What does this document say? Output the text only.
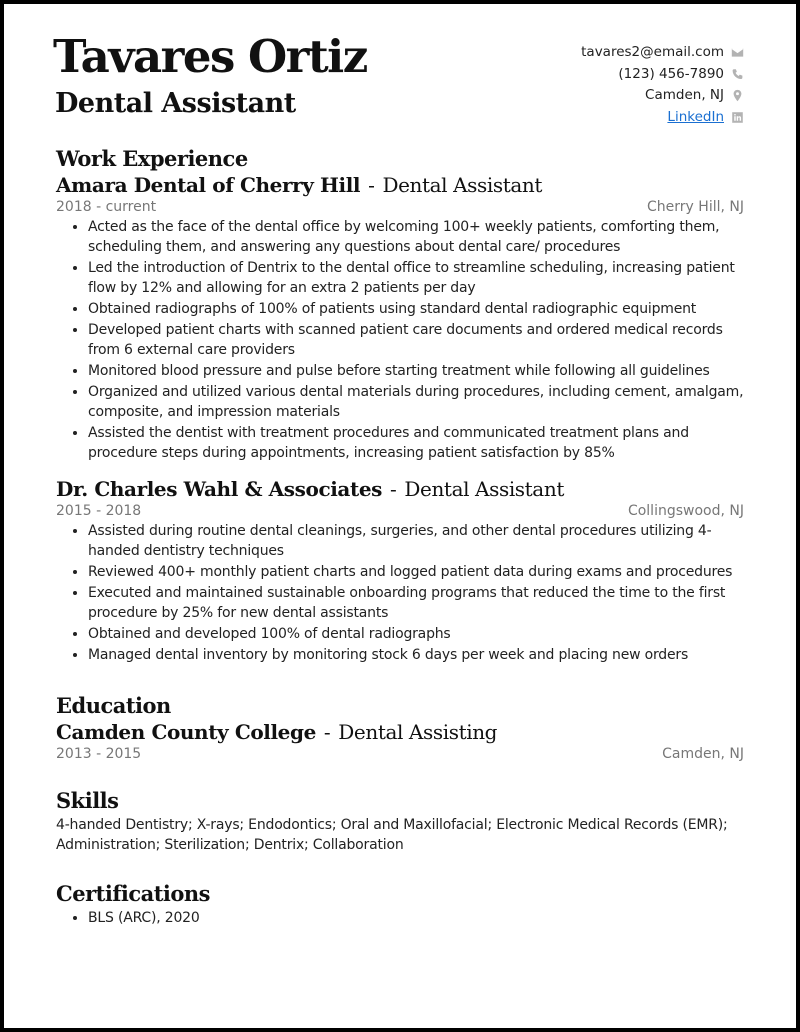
Tavares Ortiz
Dental Assistant
tavares2@email.com
(123) 456-7890
Camden, NJ
LinkedIn
Work Experience

Amara Dental of Cherry Hill - Dental Assistant

2018 - current	Cherry Hill, NJ
• Acted as the face of the dental office by welcoming 100+ weekly patients, comforting them, scheduling them, and answering any questions about dental care/ procedures
• Led the introduction of Dentrix to the dental office to streamline scheduling, increasing patient flow by 12% and allowing for an extra 2 patients per day
• Obtained radiographs of 100% of patients using standard dental radiographic equipment
• Developed patient charts with scanned patient care documents and ordered medical records from 6 external care providers
• Monitored blood pressure and pulse before starting treatment while following all guidelines
• Organized and utilized various dental materials during procedures, including cement, amalgam, composite, and impression materials
• Assisted the dentist with treatment procedures and communicated treatment plans and procedure steps during appointments, increasing patient satisfaction by 85%

Dr. Charles Wahl & Associates - Dental Assistant

2015 - 2018	Collingswood, NJ
• Assisted during routine dental cleanings, surgeries, and other dental procedures utilizing 4-handed dentistry techniques
• Reviewed 400+ monthly patient charts and logged patient data during exams and procedures
• Executed and maintained sustainable onboarding programs that reduced the time to the first procedure by 25% for new dental assistants
• Obtained and developed 100% of dental radiographs
• Managed dental inventory by monitoring stock 6 days per week and placing new orders
Education

Camden County College - Dental Assisting

2013 - 2015	Camden, NJ
Skills

4-handed Dentistry; X-rays; Endodontics; Oral and Maxillofacial; Electronic Medical Records (EMR); Administration; Sterilization; Dentrix; Collaboration

Certifications
• BLS (ARC), 2020
